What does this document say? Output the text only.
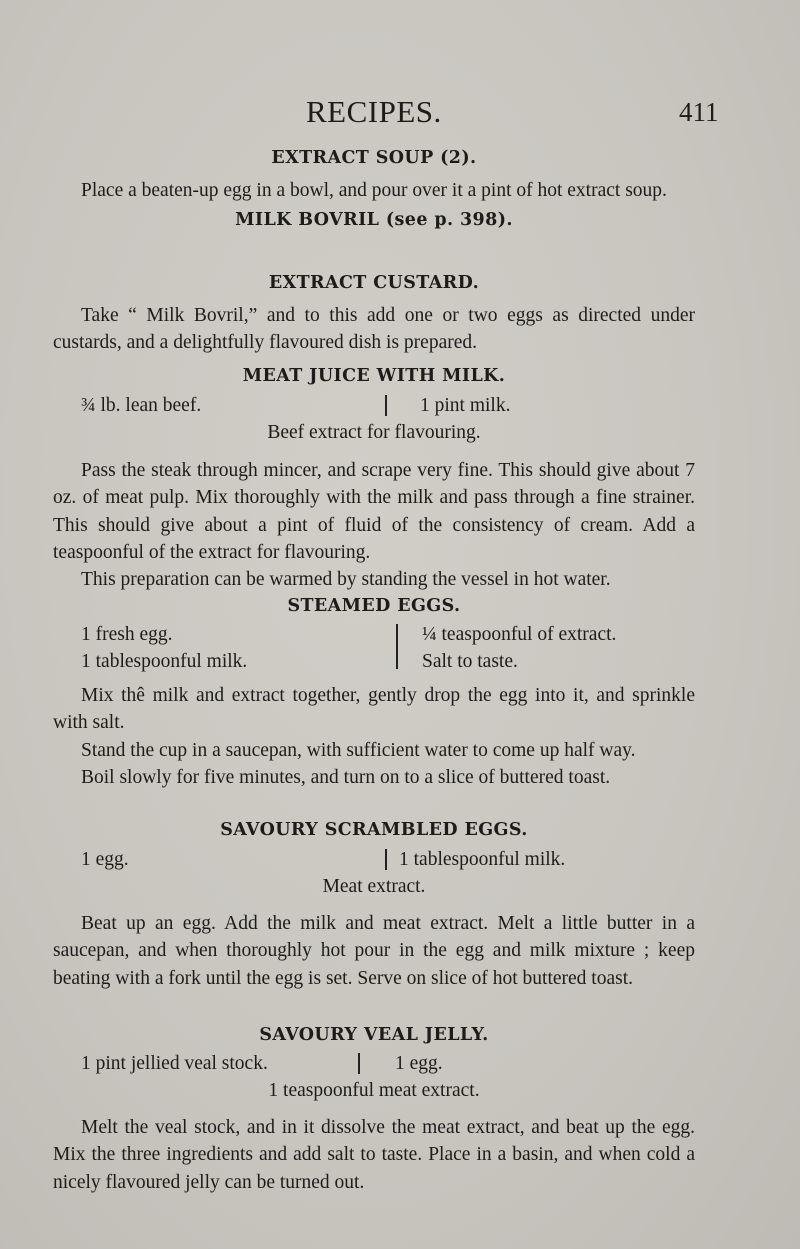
RECIPES.	411
EXTRACT SOUP (2).

Place a beaten-up egg in a bowl, and pour over it a pint of hot extract soup.

MILK BOVRIL (see p. 398).
EXTRACT CUSTARD.

Take “ Milk Bovril,” and to this add one or two eggs as directed under custards, and a delightfully flavoured dish is prepared.

MEAT JUICE WITH MILK.
¾ lb. lean beef.	1 pint milk.
Beef extract for flavouring.

Pass the steak through mincer, and scrape very fine. This should give about 7 oz. of meat pulp. Mix thoroughly with the milk and pass through a fine strainer. This should give about a pint of fluid of the consistency of cream. Add a teaspoonful of the extract for flavouring.

This preparation can be warmed by standing the vessel in hot water.

STEAMED EGGS.
1 fresh egg.	¼ teaspoonful of extract.
1 tablespoonful milk.	Salt to taste.

Mix thê milk and extract together, gently drop the egg into it, and sprinkle with salt.

Stand the cup in a saucepan, with sufficient water to come up half way.

Boil slowly for five minutes, and turn on to a slice of buttered toast.

SAVOURY SCRAMBLED EGGS.
1 egg.	1 tablespoonful milk.
Meat extract.

Beat up an egg. Add the milk and meat extract. Melt a little butter in a saucepan, and when thoroughly hot pour in the egg and milk mixture ; keep beating with a fork until the egg is set. Serve on slice of hot buttered toast.

SAVOURY VEAL JELLY.
1 pint jellied veal stock.	1 egg.
1 teaspoonful meat extract.

Melt the veal stock, and in it dissolve the meat extract, and beat up the egg. Mix the three ingredients and add salt to taste. Place in a basin, and when cold a nicely flavoured jelly can be turned out.
